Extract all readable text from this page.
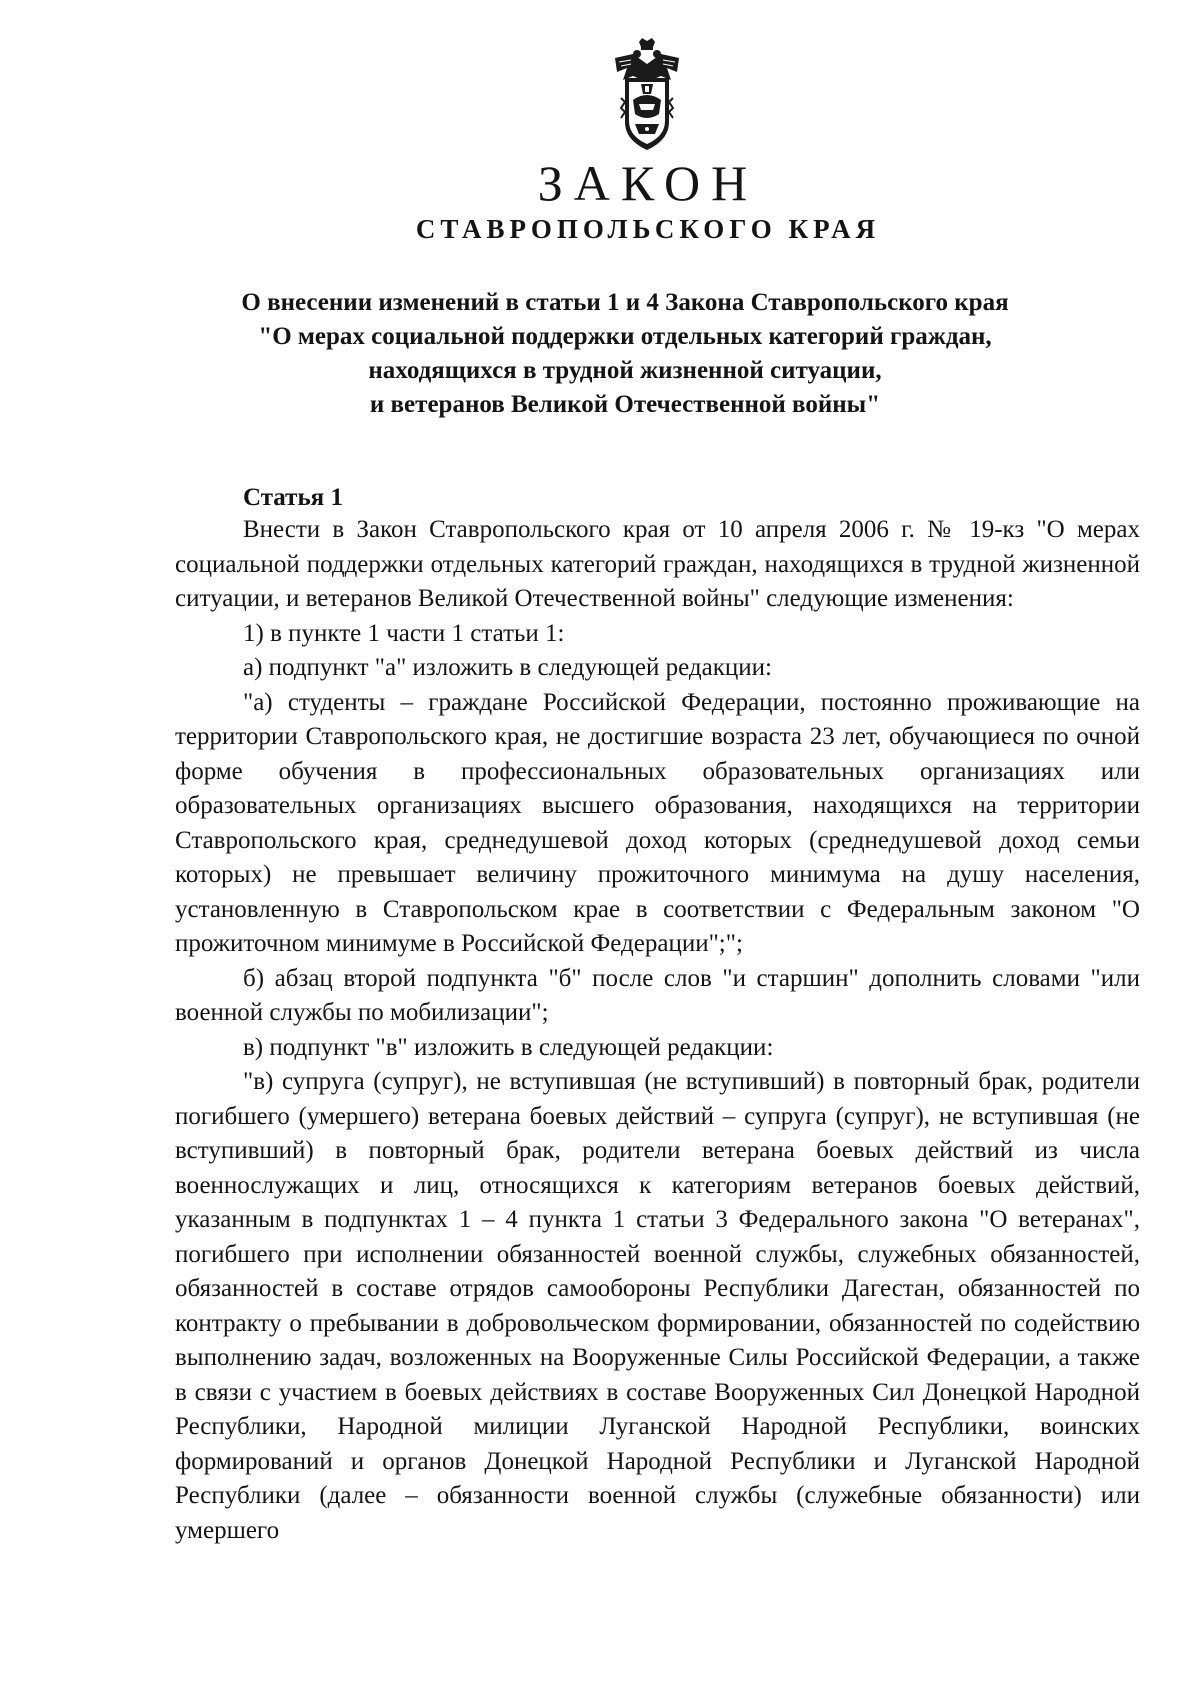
ЗАКОН
СТАВРОПОЛЬСКОГО КРАЯ
О внесении изменений в статьи 1 и 4 Закона Ставропольского края
"О мерах социальной поддержки отдельных категорий граждан,
находящихся в трудной жизненной ситуации,
и ветеранов Великой Отечественной войны"
Статья 1

Внести в Закон Ставропольского края от 10 апреля 2006 г. № 19-кз "О мерах социальной поддержки отдельных категорий граждан, находящихся в трудной жизненной ситуации, и ветеранов Великой Отечественной войны" следующие изменения:

1) в пункте 1 части 1 статьи 1:

а) подпункт "а" изложить в следующей редакции:

"а) студенты – граждане Российской Федерации, постоянно проживающие на территории Ставропольского края, не достигшие возраста 23 лет, обучающиеся по очной форме обучения в профессиональных образовательных организациях или образовательных организациях высшего образования, находящихся на территории Ставропольского края, среднедушевой доход которых (среднедушевой доход семьи которых) не превышает величину прожиточного минимума на душу населения, установленную в Ставропольском крае в соответствии с Федеральным законом "О прожиточном минимуме в Российской Федерации";";

б) абзац второй подпункта "б" после слов "и старшин" дополнить словами "или военной службы по мобилизации";

в) подпункт "в" изложить в следующей редакции:

"в) супруга (супруг), не вступившая (не вступивший) в повторный брак, родители погибшего (умершего) ветерана боевых действий – супруга (супруг), не вступившая (не вступивший) в повторный брак, родители ветерана боевых действий из числа военнослужащих и лиц, относящихся к категориям ветеранов боевых действий, указанным в подпунктах 1 – 4 пункта 1 статьи 3 Федерального закона "О ветеранах", погибшего при исполнении обязанностей военной службы, служебных обязанностей, обязанностей в составе отрядов самообороны Республики Дагестан, обязанностей по контракту о пребывании в добровольческом формировании, обязанностей по содействию выполнению задач, возложенных на Вооруженные Силы Российской Федерации, а также в связи с участием в боевых действиях в составе Вооруженных Сил Донецкой Народной Республики, Народной милиции Луганской Народной Республики, воинских формирований и органов Донецкой Народной Республики и Луганской Народной Республики (далее – обязанности военной службы (служебные обязанности) или умершего
